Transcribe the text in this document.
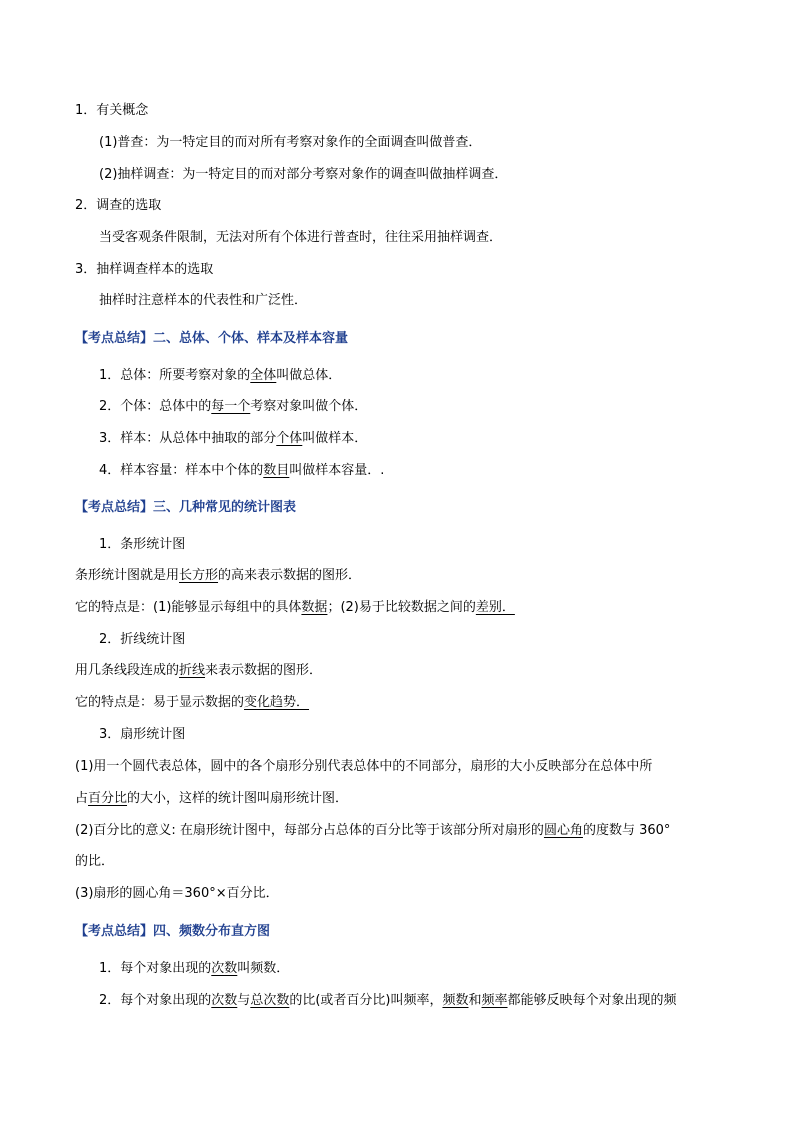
1．有关概念
(1)普查：为一特定目的而对所有考察对象作的全面调查叫做普查．
(2)抽样调查：为一特定目的而对部分考察对象作的调查叫做抽样调查．
2．调查的选取
当受客观条件限制，无法对所有个体进行普查时，往往采用抽样调查．
3．抽样调查样本的选取
抽样时注意样本的代表性和广泛性．
【考点总结】二、总体、个体、样本及样本容量
1．总体：所要考察对象的全体叫做总体．
2．个体：总体中的每一个考察对象叫做个体．
3．样本：从总体中抽取的部分个体叫做样本．
4．样本容量：样本中个体的数目叫做样本容量．.
【考点总结】三、几种常见的统计图表
1．条形统计图
条形统计图就是用长方形的高来表示数据的图形．
它的特点是：(1)能够显示每组中的具体数据；(2)易于比较数据之间的差别．
2．折线统计图
用几条线段连成的折线来表示数据的图形．
它的特点是：易于显示数据的变化趋势．
3．扇形统计图
(1)用一个圆代表总体，圆中的各个扇形分别代表总体中的不同部分，扇形的大小反映部分在总体中所
占百分比的大小，这样的统计图叫扇形统计图．
(2)百分比的意义: 在扇形统计图中，每部分占总体的百分比等于该部分所对扇形的圆心角的度数与 360°
的比．
(3)扇形的圆心角＝360°×百分比．
【考点总结】四、频数分布直方图
1．每个对象出现的次数叫频数．
2．每个对象出现的次数与总次数的比(或者百分比)叫频率，频数和频率都能够反映每个对象出现的频
